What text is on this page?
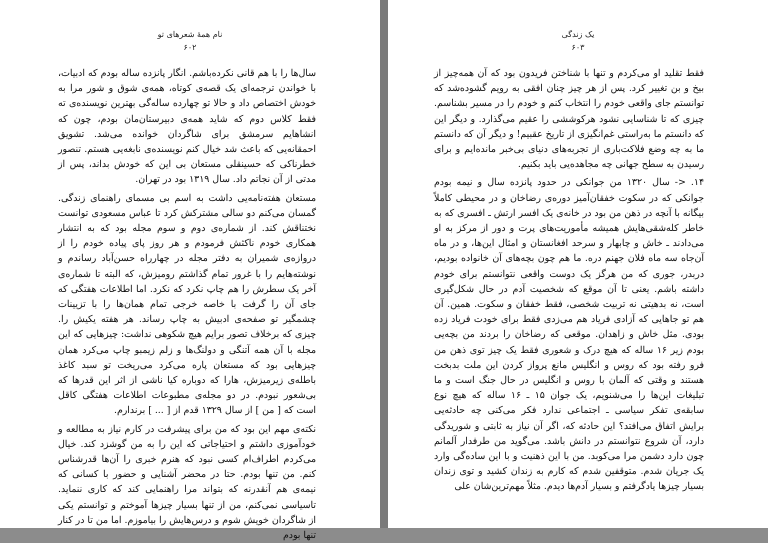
نام همهٔ شعرهای تو
۶۰۲

سال‌ها را با هم قانی نکرده‌باشم. انگار پانزده ساله بودم که ادبیات، با خواندن ترجمه‌ای یک قصه‌ی کوتاه، همه‌ی شوق و شور مرا به خودش اختصاص داد و حالا تو چهارده ساله‌گی بهترین نویسنده‌ی ته فقط کلاس دوم که شاید همه‌ی دبیرستان‌مان بودم، چون که انشاهایم سرمشق برای شاگردان خوانده می‌شد. تشویق احمقانه‌یی که باعث شد خیال کنم نویسنده‌ی نابغه‌یی هستم. تنصور خطرناکی که حسینقلی مستعان بی این که خودش بداند، پس از مدتی از آن نجاتم داد. سال ۱۳۱۹ بود در تهران.

مستعان هفته‌نامه‌یی داشت به اسم بی مسمای راهنمای زندگی. گمسان می‌کنم دو سالی مشترکش کرد تا عباس مسعودی توانست نختناقش کند. از شماره‌ی دوم و سوم مجله بود که به انتشار همکاری خودم ناکثش فرمودم و هر روز پای پیاده خودم را از دروازه‌ی شمیران به دفتر مجله در چهارراه حسن‌آباد رساندم و نوشته‌هایم را با غرور تمام گذاشتم رومیزش، که البته تا شماره‌ی آخر یک سطرش را هم چاپ نکرد که نکرد. اما اطلاعات هفتگی که جای آن را گرفت با خاصه خرجی تمام همان‌ها را با تزیینات چشمگیر تو صفحه‌ی ادبیش به چاپ رساند. هر هفته یکیش را. چیزی که برخلاف تصور برایم هیچ شکوهی نداشت: چیزهایی که این مجله با آن همه آتنگی و دولنگ‌ها و زلم زیمبو چاپ می‌کرد همان چیزهایی بود که مستعان پاره می‌کرد می‌ریخت تو سبد کاغذ باطله‌ی زیرمیزش، هارا که دوباره کیا ناشی از اثر این قدرها که بی‌شعور نبودم. در دو مجله‌ی مطبوعات اطلاعات هفتگی کاقل است که [ من ] از سال ۱۳۲۹ قدم از [ ... ] برندارم.

نکته‌ی مهم این بود که من برای پیشرفت در کارم نیاز به مطالعه و خودآموزی داشتم و احتیاجاتی که این را به من گوشزد کند. خیال می‌کردم اطراف‌ام کسی نبود که هنرم خبری را آن‌ها قدرشناس کنم. من تنها بودم. حتا در محضر آشنایی و حضور با کسانی که نیمه‌ی هم آنقدرنه که بتواند مرا راهنمایی کند که کاری ننماید. تاسیاسی نمی‌کنم، من از تنها بسیار چیزها آموختم و توانستم یکی از شاگردان خویش شوم و درس‌هایش را بیاموزم. اما من تا در کنار تنها بودم

یک زندگی
۶۰۳

فقط تقلید او می‌کردم و تنها با شناختن فریدون بود که آن همه‌چیز از بیخ و بن تغییر کرد. پس از هر چیز چنان افقی به رویم گشوده‌شد که توانستم جای واقعی خودم را انتخاب کنم و خودم را در مسیر بشناسم. چیزی که تا شناسایی نشود هرکوششی را عقیم می‌گذارد. و دیگر این که دانستم ما به‌راستی غم‌انگیزی از تاریخ عقبیم! و دیگر آن که دانستم ما به چه وضع فلاکت‌باری از تجربه‌های دنیای بی‌خبر مانده‌ایم و برای رسیدن به سطح جهانی چه مجاهده‌یی باید بکنیم.

۱۴. <- سال ۱۳۲۰ من جوانکی در حدود پانزده سال و نیمه بودم جوانکی که در سکوت خفقان‌آمیز دوره‌ی رضاخان و در محیطی کاملاً بیگانه با آنچه در ذهن من بود در خانه‌ی یک افسر ارتش ـ افسری که به خاطر کله‌شقی‌هایش همیشه مأموریت‌های پرت و دور از مرکز به او می‌دادند ـ خاش و چابهار و سرحد افغانستان و امثال این‌ها، و در ماه آن‌جاه سه ماه فلان جهنم دره. ما هم چون بچه‌های آن خانواده بودیم، دربدر، جوری که من هرگز یک دوست واقعی نتوانستم برای خودم داشته باشم. یعنی تا آن موقع که شخصیت آدم در حال شکل‌گیری است، نه بدهیتی نه تربیت شخصی، فقط خفقان و سکوت. همین. آن هم تو جاهایی که آزادی فریاد هم می‌زدی فقط برای خودت فریاد زده بودی. مثل خاش و زاهدان. موقعی که رضاخان را بردند من بچه‌یی بودم زیر ۱۶ ساله که هیچ درک و شعوری فقط یک چیز توی ذهن من فرو رفته بود که روس و انگلیس مانع پرواز کردن این ملت بدبخت هستند و وقتی که آلمان با روس و انگلیس در حال جنگ است و ما تبلیغات این‌ها را می‌شنویم، یک جوان ۱۵ ـ ۱۶ ساله که هیچ نوع سابقه‌ی تفکر سیاسی ـ اجتماعی ندارد فکر می‌کنی چه حادثه‌یی برایش اتفاق می‌افتد؟ این حادثه که، اگر آن نیاز به ثابتی و شوریدگی دارد، آن شروع نتوانستم در دانش باشد. می‌گوید من طرفدار آلمانم چون دارد دشمن مرا می‌کوبد. من با این ذهنیت و با این ساده‌گی وارد یک جریان شدم. متوقفین شدم که کارم به زندان کشید و توی زندان بسیار چیزها یادگرفتم و بسیار آدم‌ها دیدم. مثلاً مهم‌ترین‌شان علی
